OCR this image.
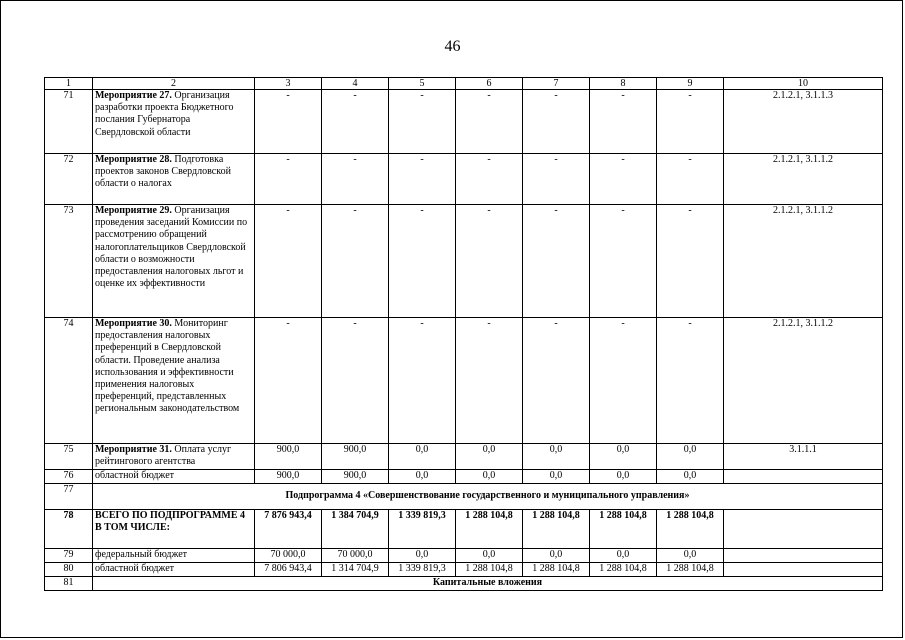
46
1	2	3	4	5	6	7	8	9	10
71	Мероприятие 27. Организация разработки проекта Бюджетного послания Губернатора Свердловской области	-	-	-	-	-	-	-	2.1.2.1, 3.1.1.3
72	Мероприятие 28. Подготовка проектов законов Свердловской области о налогах	-	-	-	-	-	-	-	2.1.2.1, 3.1.1.2
73	Мероприятие 29. Организация проведения заседаний Комиссии по рассмотрению обращений налогоплательщиков Свердловской области о возможности предоставления налоговых льгот и оценке их эффективности	-	-	-	-	-	-	-	2.1.2.1, 3.1.1.2
74	Мероприятие 30. Мониторинг предоставления налоговых преференций в Свердловской области. Проведение анализа использования и эффективности применения налоговых преференций, представленных региональным законодательством	-	-	-	-	-	-	-	2.1.2.1, 3.1.1.2
75	Мероприятие 31. Оплата услуг рейтингового агентства	900,0	900,0	0,0	0,0	0,0	0,0	0,0	3.1.1.1
76	областной бюджет	900,0	900,0	0,0	0,0	0,0	0,0	0,0	
77	Подпрограмма 4 «Совершенствование государственного и муниципального управления»								
78	ВСЕГО ПО ПОДПРОГРАММЕ 4 В ТОМ ЧИСЛЕ:	7 876 943,4	1 384 704,9	1 339 819,3	1 288 104,8	1 288 104,8	1 288 104,8	1 288 104,8	
79	федеральный бюджет	70 000,0	70 000,0	0,0	0,0	0,0	0,0	0,0	
80	областной бюджет	7 806 943,4	1 314 704,9	1 339 819,3	1 288 104,8	1 288 104,8	1 288 104,8	1 288 104,8	
81	Капитальные вложения								
